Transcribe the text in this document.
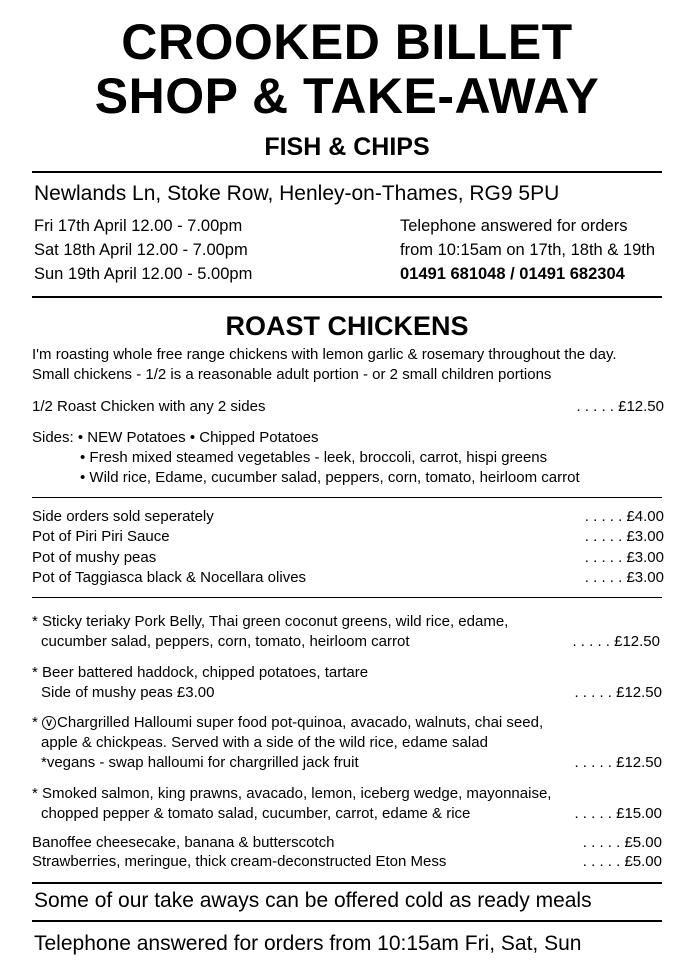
CROOKED BILLET
SHOP & TAKE-AWAY
FISH & CHIPS
Newlands Ln, Stoke Row, Henley-on-Thames, RG9 5PU
Fri 17th April 12.00 - 7.00pm
Sat 18th April 12.00 - 7.00pm
Sun 19th April 12.00 - 5.00pm
Telephone answered for orders
from 10:15am on 17th, 18th & 19th
01491 681048 / 01491 682304
ROAST CHICKENS
I'm roasting whole free range chickens with lemon garlic & rosemary throughout the day.
Small chickens - 1/2 is a reasonable adult portion - or 2 small children portions
1/2 Roast Chicken with any 2 sides	. . . . . £12.50
Sides: • NEW Potatoes • Chipped Potatoes
• Fresh mixed steamed vegetables - leek, broccoli, carrot, hispi greens
• Wild rice, Edame, cucumber salad, peppers, corn, tomato, heirloom carrot
Side orders sold seperately	. . . . . £4.00
Pot of Piri Piri Sauce	. . . . . £3.00
Pot of mushy peas	. . . . . £3.00
Pot of Taggiasca black & Nocellara olives	. . . . . £3.00
* Sticky teriaky Pork Belly, Thai green coconut greens, wild rice, edame,
cucumber salad, peppers, corn, tomato, heirloom carrot	. . . . . £12.50
* Beer battered haddock, chipped potatoes, tartare
Side of mushy peas £3.00	. . . . . £12.50
* V Chargrilled Halloumi super food pot-quinoa, avacado, walnuts, chai seed,
apple & chickpeas. Served with a side of the wild rice, edame salad
*vegans - swap halloumi for chargrilled jack fruit	. . . . . £12.50
* Smoked salmon, king prawns, avacado, lemon, iceberg wedge, mayonnaise,
chopped pepper & tomato salad, cucumber, carrot, edame & rice	. . . . . £15.00
Banoffee cheesecake, banana & butterscotch	. . . . . £5.00
Strawberries, meringue, thick cream-deconstructed Eton Mess	. . . . . £5.00
Some of our take aways can be offered cold as ready meals
Telephone answered for orders from 10:15am Fri, Sat, Sun
